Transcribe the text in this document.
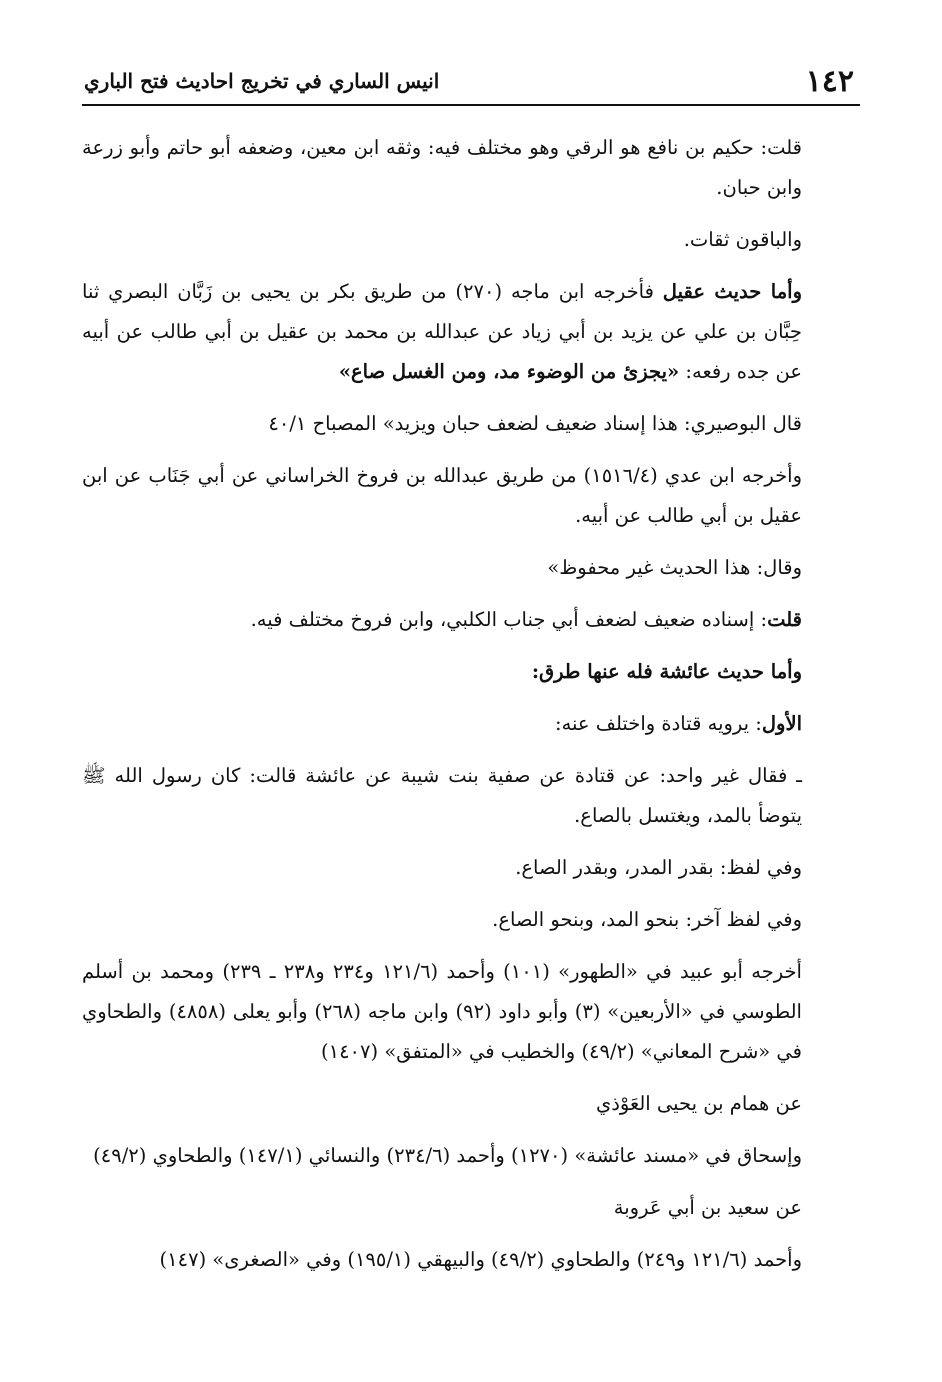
١٤٢
انيس الساري في تخريج احاديث فتح الباري

قلت: حكيم بن نافع هو الرقي وهو مختلف فيه: وثقه ابن معين، وضعفه أبو حاتم وأبو زرعة وابن حبان.

والباقون ثقات.

وأما حديث عقيل فأخرجه ابن ماجه (٢٧٠) من طريق بكر بن يحيى بن زَبَّان البصري ثنا حِبَّان بن علي عن يزيد بن أبي زياد عن عبدالله بن محمد بن عقيل بن أبي طالب عن أبيه عن جده رفعه: «يجزئ من الوضوء مد، ومن الغسل صاع»

قال البوصيري: هذا إسناد ضعيف لضعف حبان ويزيد» المصباح ٤٠/١

وأخرجه ابن عدي (١٥١٦/٤) من طريق عبدالله بن فروخ الخراساني عن أبي جَنَاب عن ابن عقيل بن أبي طالب عن أبيه.

وقال: هذا الحديث غير محفوظ»

قلت: إسناده ضعيف لضعف أبي جناب الكلبي، وابن فروخ مختلف فيه.

وأما حديث عائشة فله عنها طرق:

الأول: يرويه قتادة واختلف عنه:

ـ فقال غير واحد: عن قتادة عن صفية بنت شيبة عن عائشة قالت: كان رسول الله ﷺ يتوضأ بالمد، ويغتسل بالصاع.

وفي لفظ: بقدر المدر، وبقدر الصاع.

وفي لفظ آخر: بنحو المد، وبنحو الصاع.

أخرجه أبو عبيد في «الطهور» (١٠١) وأحمد (١٢١/٦ و٢٣٤ و٢٣٨ ـ ٢٣٩) ومحمد بن أسلم الطوسي في «الأربعين» (٣) وأبو داود (٩٢) وابن ماجه (٢٦٨) وأبو يعلى (٤٨٥٨) والطحاوي في «شرح المعاني» (٤٩/٢) والخطيب في «المتفق» (١٤٠٧)

عن همام بن يحيى العَوْذي

وإسحاق في «مسند عائشة» (١٢٧٠) وأحمد (٢٣٤/٦) والنسائي (١٤٧/١) والطحاوي (٤٩/٢)

عن سعيد بن أبي عَروبة

وأحمد (١٢١/٦ و٢٤٩) والطحاوي (٤٩/٢) والبيهقي (١٩٥/١) وفي «الصغرى» (١٤٧)
